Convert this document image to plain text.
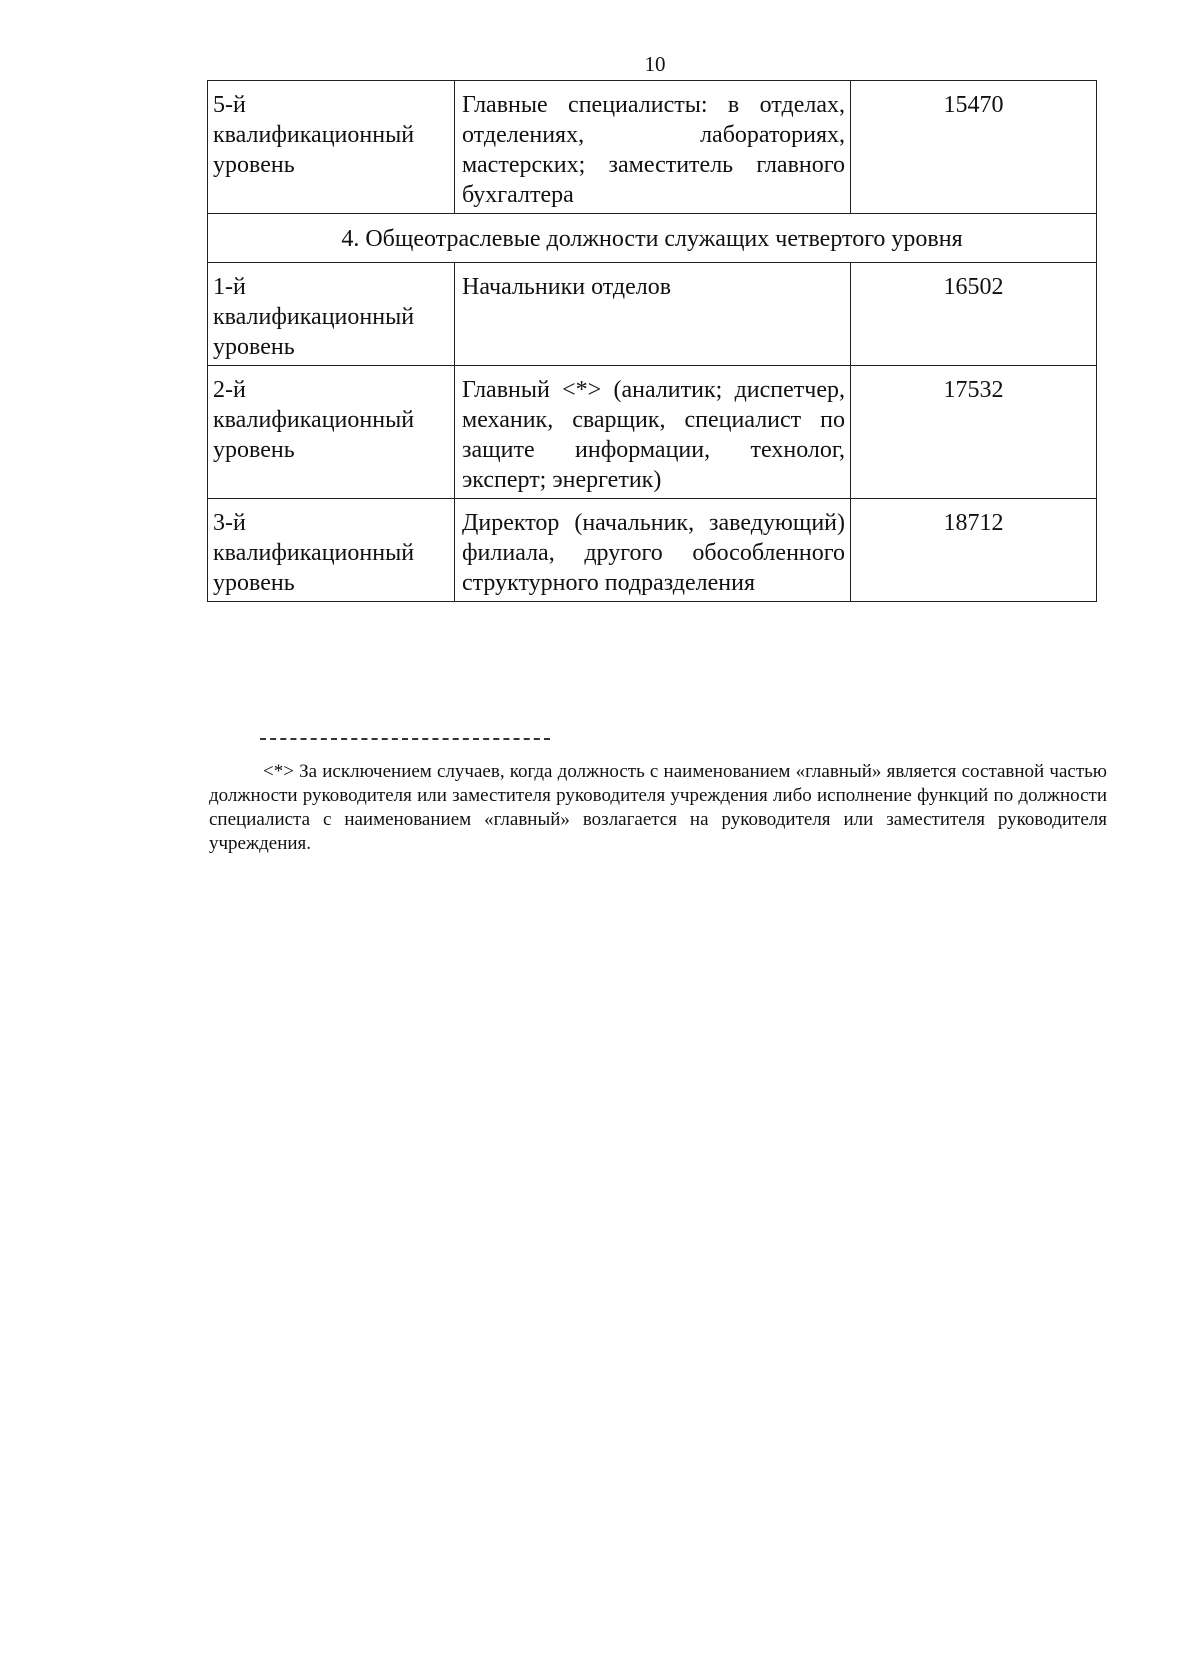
10
5-й
квалификационный
уровень	Главные специалисты: в отделах, отделениях, лабораториях, мастерских; заместитель главного бухгалтера	15470
4. Общеотраслевые должности служащих четвертого уровня		
1-й
квалификационный
уровень	Начальники отделов	16502
2-й
квалификационный
уровень	Главный <*> (аналитик; диспетчер, механик, сварщик, специалист по защите информации, технолог, эксперт; энергетик)	17532
3-й
квалификационный
уровень	Директор (начальник, заведующий) филиала, другого обособленного структурного подразделения	18712
<*> За исключением случаев, когда должность с наименованием «главный» является составной частью должности руководителя или заместителя руководителя учреждения либо исполнение функций по должности специалиста с наименованием «главный» возлагается на руководителя или заместителя руководителя учреждения.
